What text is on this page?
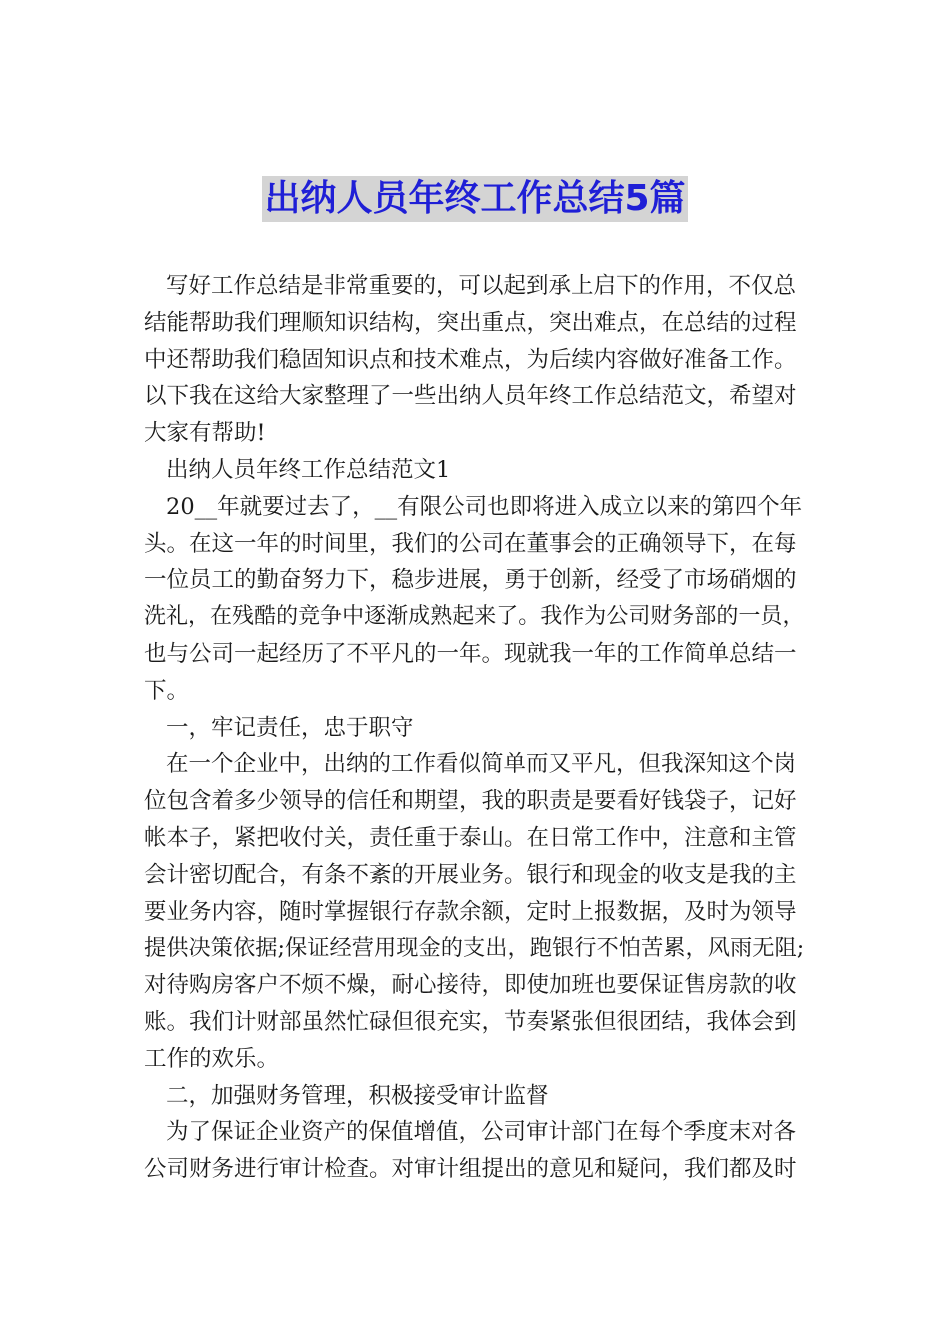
出纳人员年终工作总结5篇
写好工作总结是非常重要的，可以起到承上启下的作用，不仅总
结能帮助我们理顺知识结构，突出重点，突出难点，在总结的过程
中还帮助我们稳固知识点和技术难点，为后续内容做好准备工作。
以下我在这给大家整理了一些出纳人员年终工作总结范文，希望对
大家有帮助!
出纳人员年终工作总结范文1
20__年就要过去了，__有限公司也即将进入成立以来的第四个年
头。在这一年的时间里，我们的公司在董事会的正确领导下，在每
一位员工的勤奋努力下，稳步进展，勇于创新，经受了市场硝烟的
洗礼，在残酷的竞争中逐渐成熟起来了。我作为公司财务部的一员，
也与公司一起经历了不平凡的一年。现就我一年的工作简单总结一
下。
一，牢记责任，忠于职守
在一个企业中，出纳的工作看似简单而又平凡，但我深知这个岗
位包含着多少领导的信任和期望，我的职责是要看好钱袋子，记好
帐本子，紧把收付关，责任重于泰山。在日常工作中，注意和主管
会计密切配合，有条不紊的开展业务。银行和现金的收支是我的主
要业务内容，随时掌握银行存款余额，定时上报数据，及时为领导
提供决策依据;保证经营用现金的支出，跑银行不怕苦累，风雨无阻;
对待购房客户不烦不燥，耐心接待，即使加班也要保证售房款的收
账。我们计财部虽然忙碌但很充实，节奏紧张但很团结，我体会到
工作的欢乐。
二，加强财务管理，积极接受审计监督
为了保证企业资产的保值增值，公司审计部门在每个季度末对各
公司财务进行审计检查。对审计组提出的意见和疑问，我们都及时
